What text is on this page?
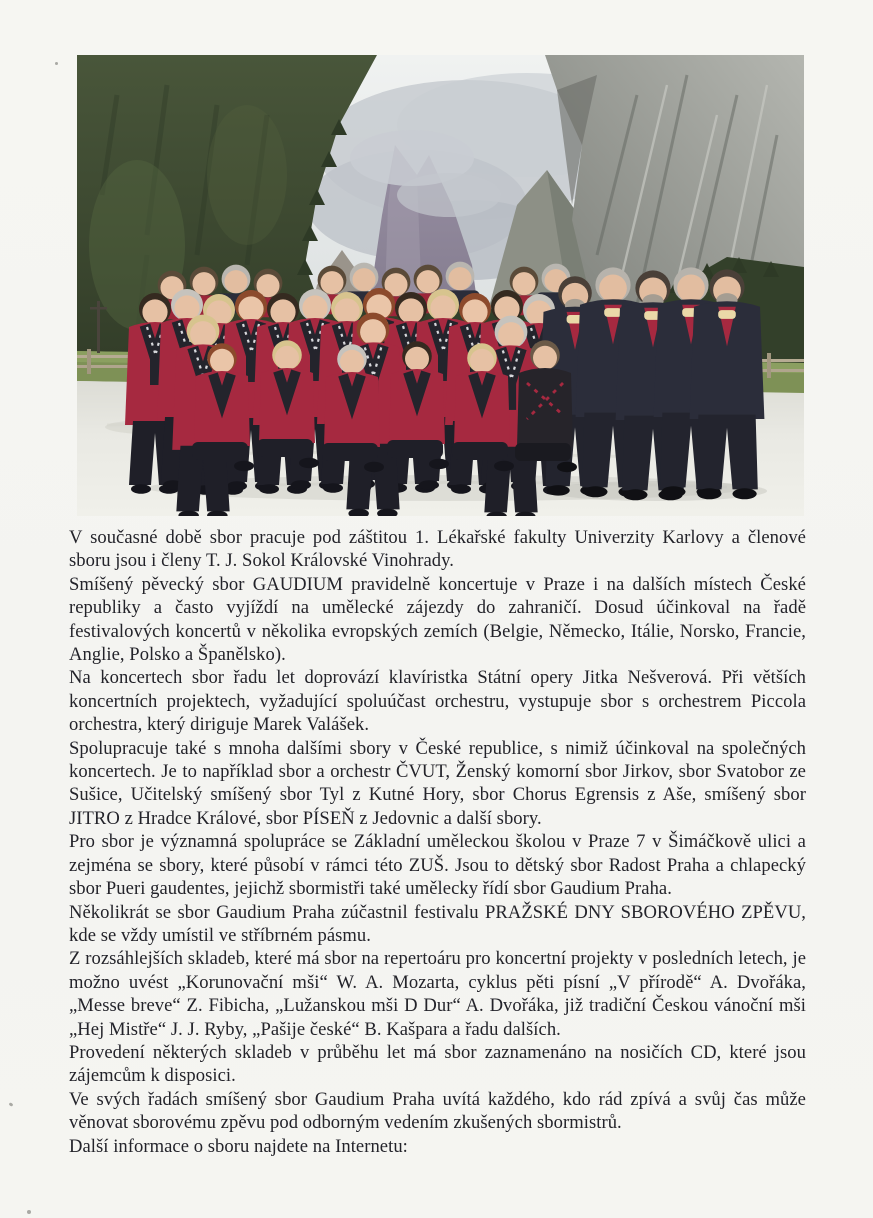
V současné době sbor pracuje pod záštitou 1. Lékařské fakulty Univerzity Karlovy a členové sboru jsou i členy T. J. Sokol Královské Vinohrady.

Smíšený pěvecký sbor GAUDIUM pravidelně koncertuje v Praze i na dalších místech České republiky a často vyjíždí na umělecké zájezdy do zahraničí. Dosud účinkoval na řadě festivalových koncertů v několika evropských zemích (Belgie, Německo, Itálie, Norsko, Francie, Anglie, Polsko a Španělsko).

Na koncertech sbor řadu let doprovází klavíristka Státní opery Jitka Nešverová. Při větších koncertních projektech, vyžadující spoluúčast orchestru, vystupuje sbor s orchestrem Piccola orchestra, který diriguje Marek Valášek.

Spolupracuje také s mnoha dalšími sbory v České republice, s nimiž účinkoval na společných koncertech. Je to například sbor a orchestr ČVUT, Ženský komorní sbor Jirkov, sbor Svatobor ze Sušice, Učitelský smíšený sbor Tyl z Kutné Hory, sbor Chorus Egrensis z Aše, smíšený sbor JITRO z Hradce Králové, sbor PÍSEŇ z Jedovnic a další sbory.

Pro sbor je významná spolupráce se Základní uměleckou školou v Praze 7 v Šimáčkově ulici a zejména se sbory, které působí v rámci této ZUŠ. Jsou to dětský sbor Radost Praha a chlapecký sbor Pueri gaudentes, jejichž sbormistři také umělecky řídí sbor Gaudium Praha.

Několikrát se sbor Gaudium Praha zúčastnil festivalu PRAŽSKÉ DNY SBOROVÉHO ZPĚVU, kde se vždy umístil ve stříbrném pásmu.

Z rozsáhlejších skladeb, které má sbor na repertoáru pro koncertní projekty v posledních letech, je možno uvést „Korunovační mši“ W. A. Mozarta, cyklus pěti písní „V přírodě“ A. Dvořáka, „Messe breve“ Z. Fibicha, „Lužanskou mši D Dur“ A. Dvořáka, již tradiční Českou vánoční mši „Hej Mistře“ J. J. Ryby, „Pašije české“ B. Kašpara a řadu dalších.

Provedení některých skladeb v průběhu let má sbor zaznamenáno na nosičích CD, které jsou zájemcům k disposici.

Ve svých řadách smíšený sbor Gaudium Praha uvítá každého, kdo rád zpívá a svůj čas může věnovat sborovému zpěvu pod odborným vedením zkušených sbormistrů.

Další informace o sboru najdete na Internetu:
